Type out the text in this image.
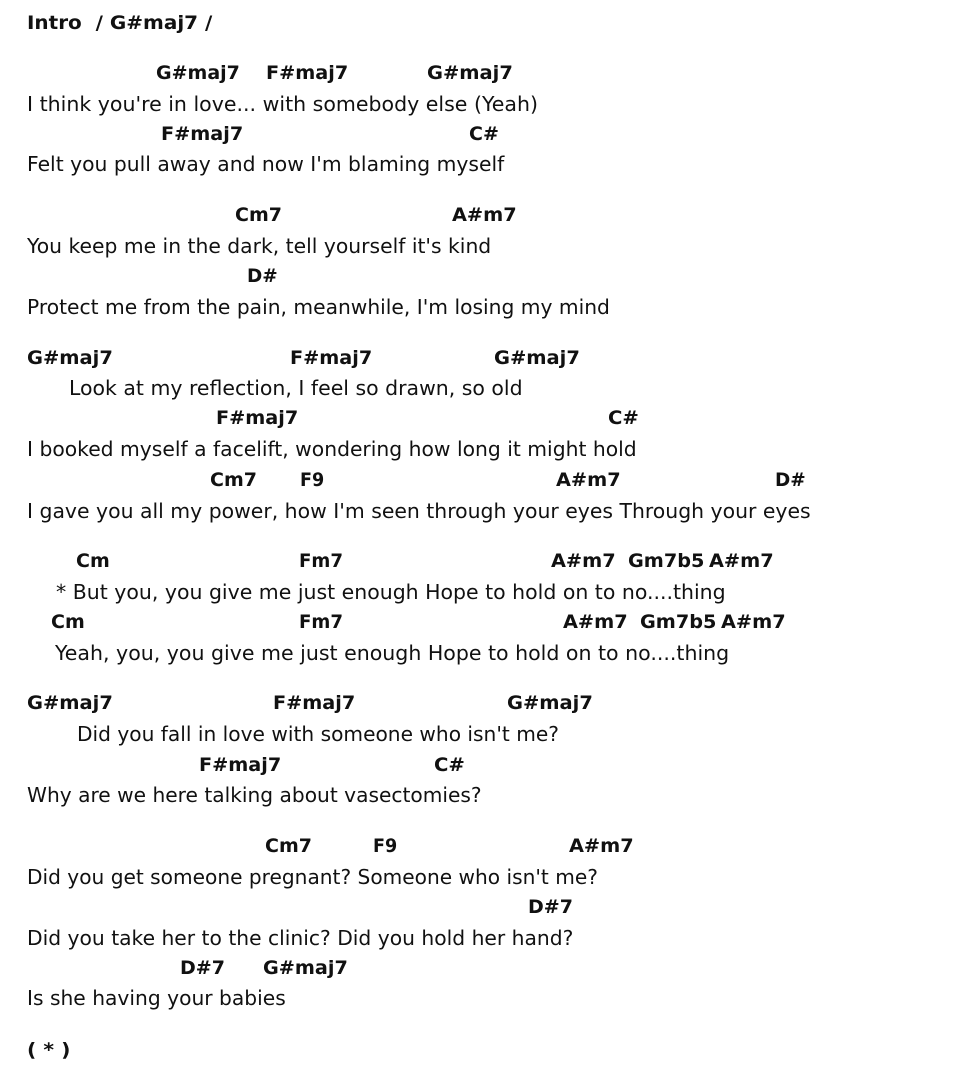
Intro  / G#maj7 /
G#maj7 F#maj7	G#maj7
I think you're in love... with somebody else (Yeah)
F#maj7	C#
Felt you pull away and now I'm blaming myself
Cm7	A#m7
You keep me in the dark, tell yourself it's kind
D#
Protect me from the pain, meanwhile, I'm losing my mind
G#maj7	F#maj7	G#maj7
Look at my reflection, I feel so drawn, so old
F#maj7	C#
I booked myself a facelift, wondering how long it might hold
Cm7 F9	A#m7	D#
I gave you all my power, how I'm seen through your eyes Through your eyes
Cm	Fm7	A#m7 Gm7b5 A#m7
* But you, you give me just enough Hope to hold on to no....thing
Cm	Fm7	A#m7 Gm7b5 A#m7
Yeah, you, you give me just enough Hope to hold on to no....thing
G#maj7	F#maj7	G#maj7
Did you fall in love with someone who isn't me?
F#maj7	C#
Why are we here talking about vasectomies?
Cm7	F9	A#m7
Did you get someone pregnant? Someone who isn't me?
D#7
Did you take her to the clinic? Did you hold her hand?
D#7 G#maj7
Is she having your babies
( * )
